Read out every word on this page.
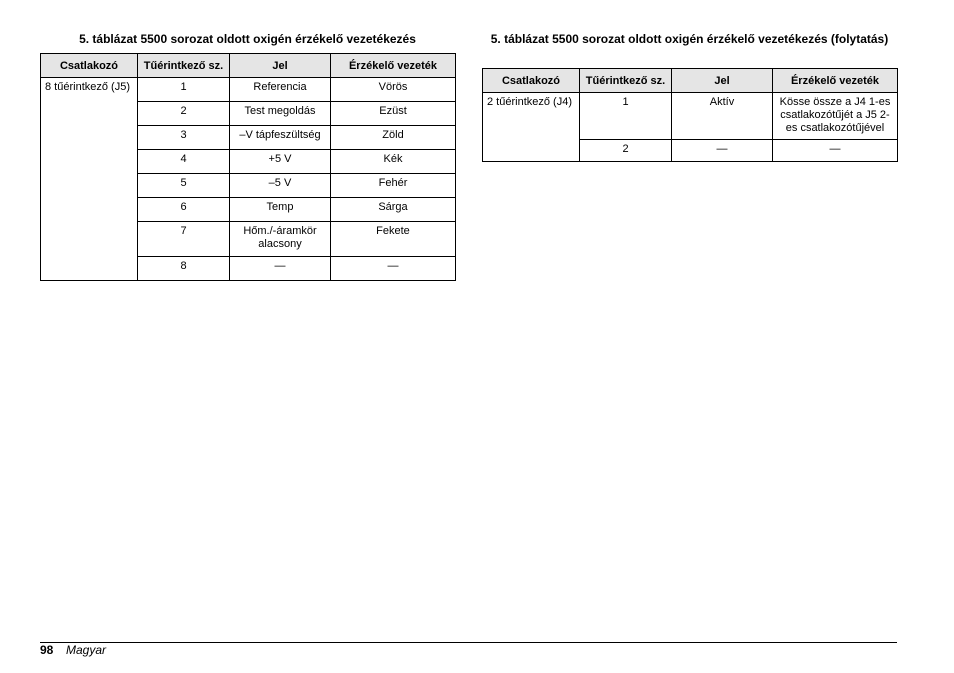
5. táblázat 5500 sorozat oldott oxigén érzékelő vezetékezés
Csatlakozó	Tűérintkező sz.	Jel	Érzékelő vezeték
8 tűérintkező (J5)	1	Referencia	Vörös
	2	Test megoldás	Ezüst
	3	–V tápfeszültség	Zöld
	4	+5 V	Kék
	5	–5 V	Fehér
	6	Temp	Sárga
	7	Hőm./-áramkör alacsony	Fekete
	8	—	—
5. táblázat 5500 sorozat oldott oxigén érzékelő vezetékezés (folytatás)
Csatlakozó	Tűérintkező sz.	Jel	Érzékelő vezeték
2 tűérintkező (J4)	1	Aktív	Kösse össze a J4 1-es csatlakozótűjét a J5 2-es csatlakozótűjével
	2	—	—
98 Magyar
